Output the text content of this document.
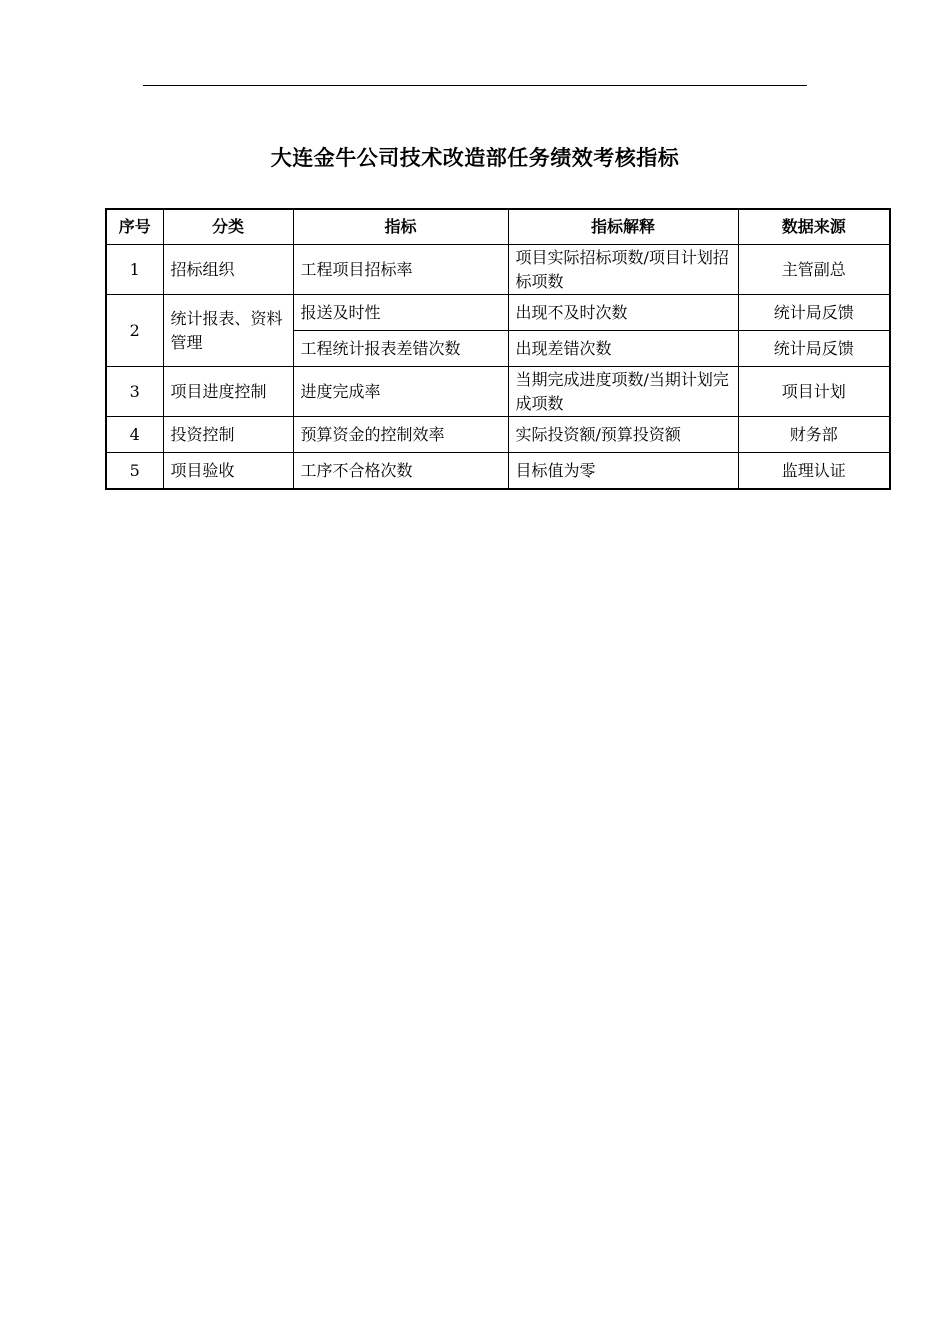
大连金牛公司技术改造部任务绩效考核指标
序号	分类	指标	指标解释	数据来源
1	招标组织	工程项目招标率	项目实际招标项数/项目计划招标项数	主管副总
2	统计报表、资料管理	报送及时性	出现不及时次数	统计局反馈
		工程统计报表差错次数	出现差错次数	统计局反馈
3	项目进度控制	进度完成率	当期完成进度项数/当期计划完成项数	项目计划
4	投资控制	预算资金的控制效率	实际投资额/预算投资额	财务部
5	项目验收	工序不合格次数	目标值为零	监理认证
